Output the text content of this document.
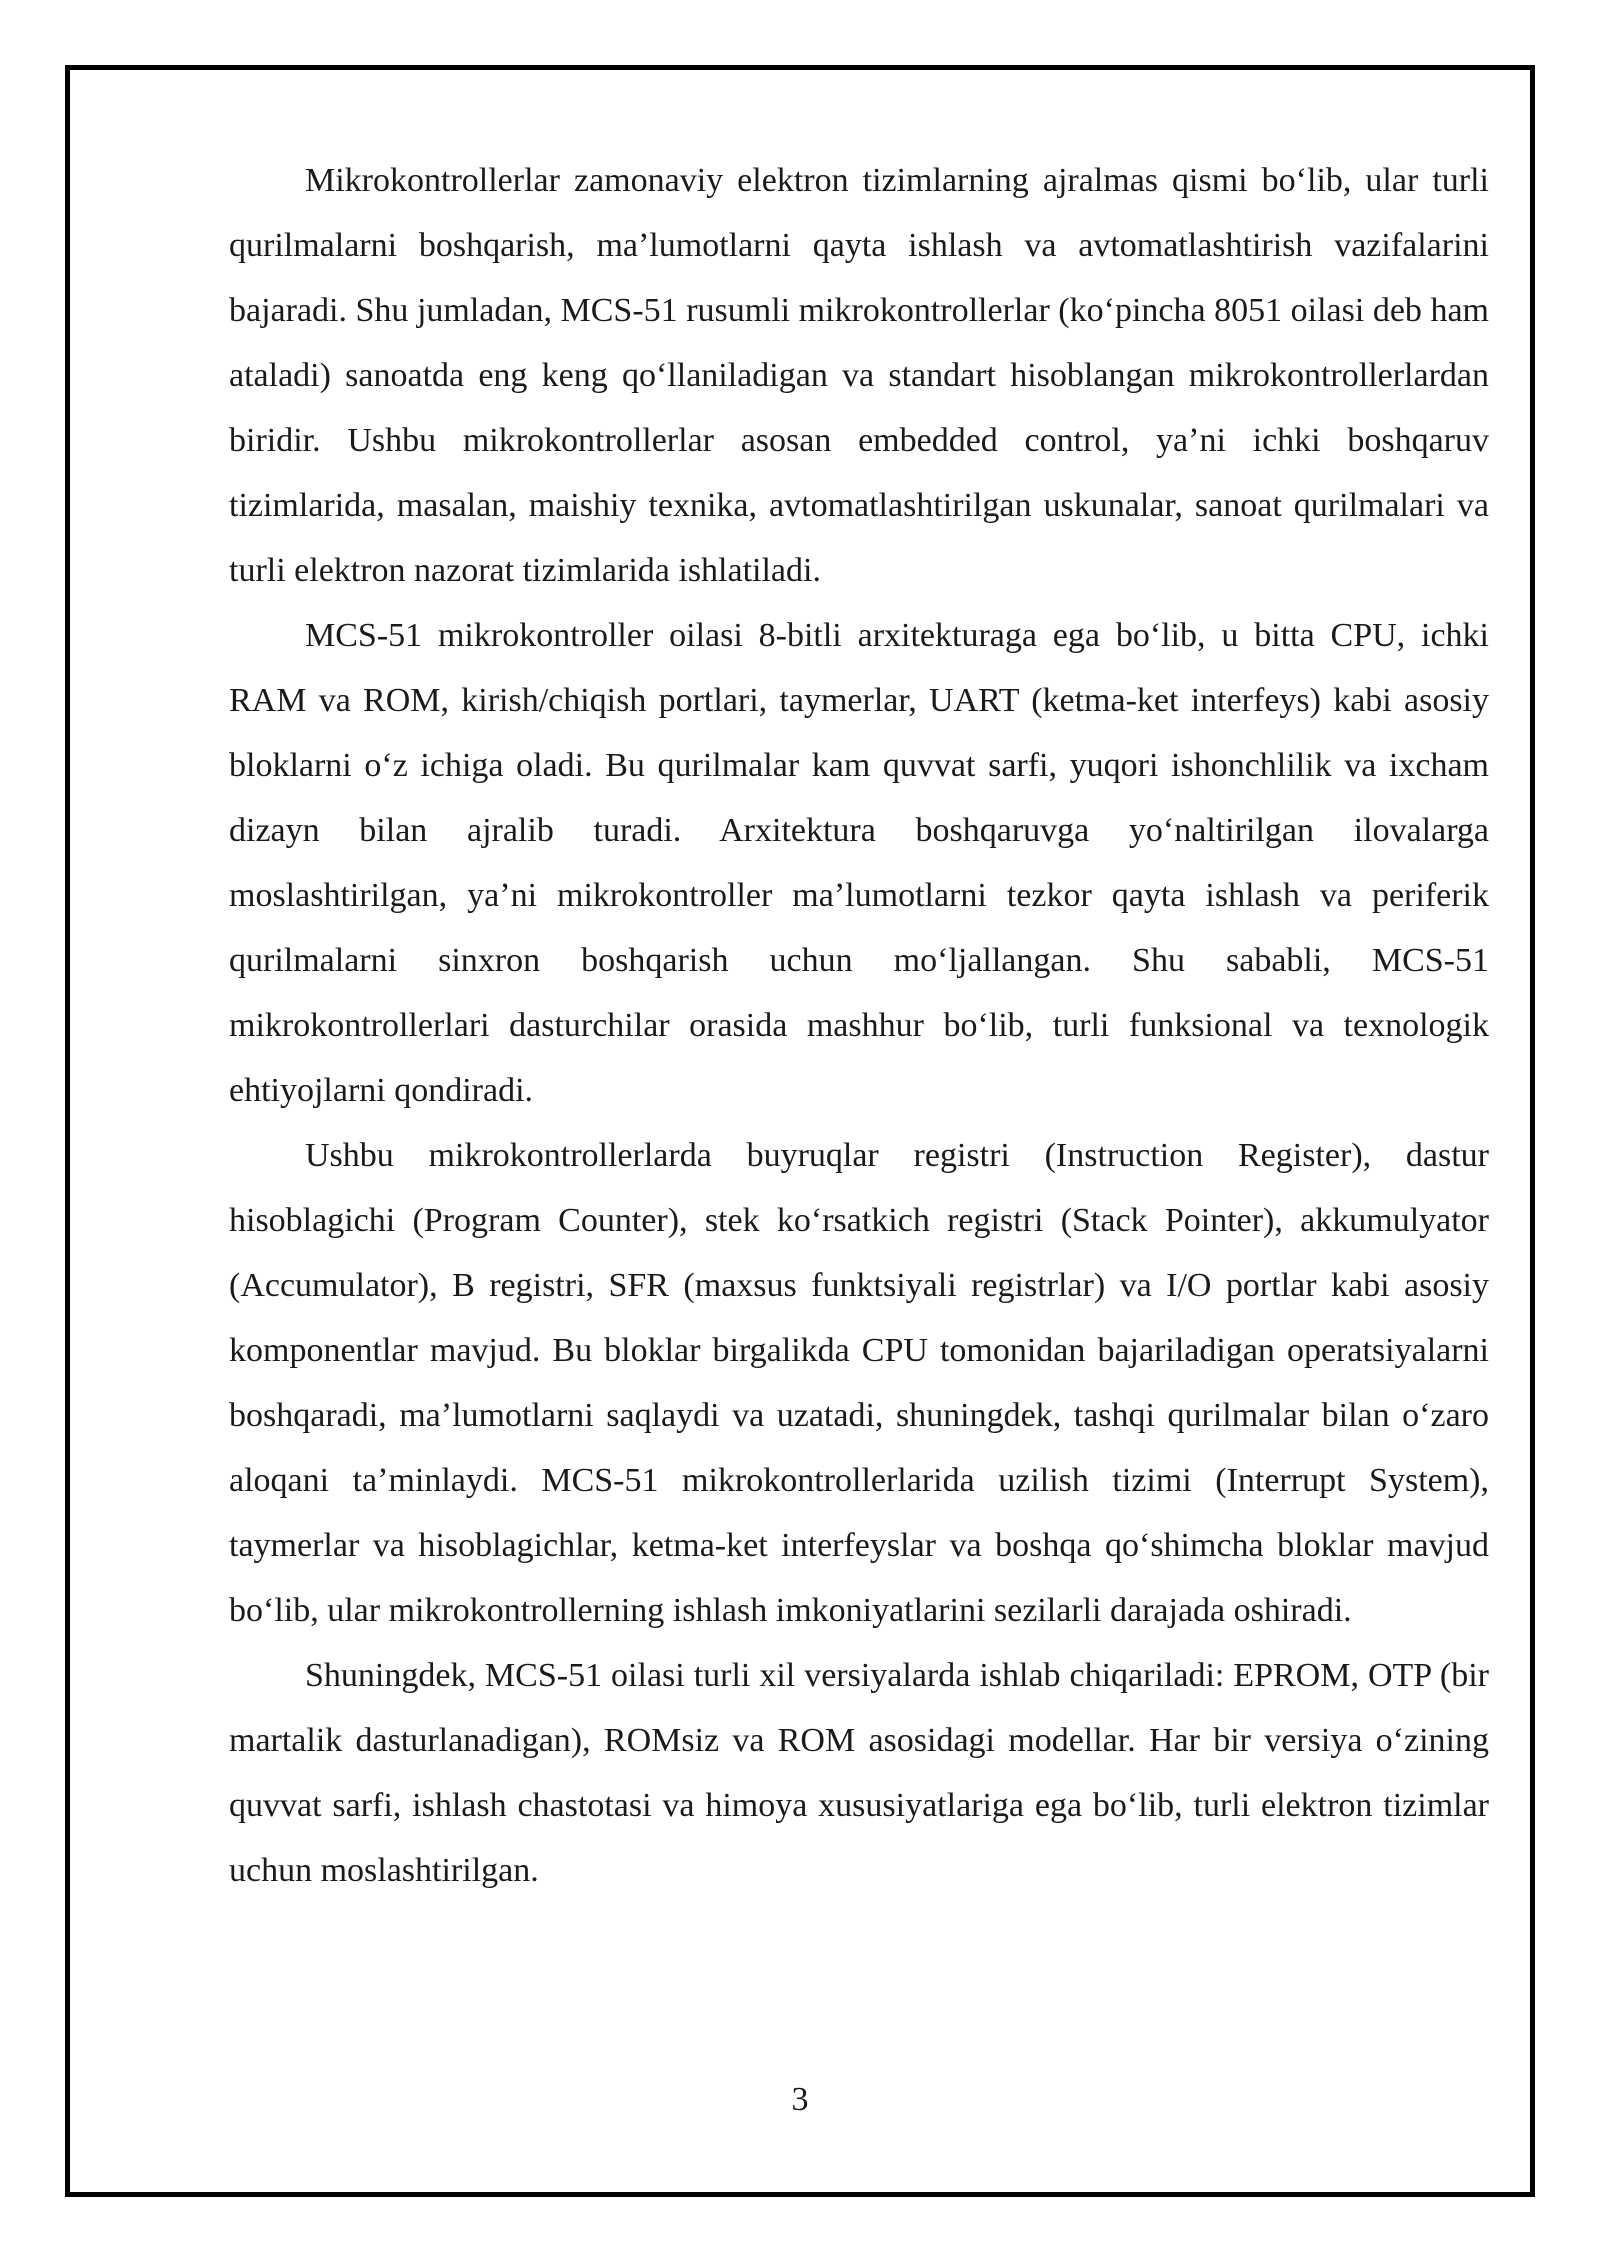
Mikrokontrollerlar zamonaviy elektron tizimlarning ajralmas qismi boʻlib, ular turli qurilmalarni boshqarish, maʼlumotlarni qayta ishlash va avtomatlashtirish vazifalarini bajaradi. Shu jumladan, MCS-51 rusumli mikrokontrollerlar (koʻpincha 8051 oilasi deb ham ataladi) sanoatda eng keng qoʻllaniladigan va standart hisoblangan mikrokontrollerlardan biridir. Ushbu mikrokontrollerlar asosan embedded control, yaʼni ichki boshqaruv tizimlarida, masalan, maishiy texnika, avtomatlashtirilgan uskunalar, sanoat qurilmalari va turli elektron nazorat tizimlarida ishlatiladi.

MCS-51 mikrokontroller oilasi 8-bitli arxitekturaga ega boʻlib, u bitta CPU, ichki RAM va ROM, kirish/chiqish portlari, taymerlar, UART (ketma-ket interfeys) kabi asosiy bloklarni oʻz ichiga oladi. Bu qurilmalar kam quvvat sarfi, yuqori ishonchlilik va ixcham dizayn bilan ajralib turadi. Arxitektura boshqaruvga yoʻnaltirilgan ilovalarga moslashtirilgan, yaʼni mikrokontroller maʼlumotlarni tezkor qayta ishlash va periferik qurilmalarni sinxron boshqarish uchun moʻljallangan. Shu sababli, MCS-51 mikrokontrollerlari dasturchilar orasida mashhur boʻlib, turli funksional va texnologik ehtiyojlarni qondiradi.

Ushbu mikrokontrollerlarda buyruqlar registri (Instruction Register), dastur hisoblagichi (Program Counter), stek koʻrsatkich registri (Stack Pointer), akkumulyator (Accumulator), B registri, SFR (maxsus funktsiyali registrlar) va I/O portlar kabi asosiy komponentlar mavjud. Bu bloklar birgalikda CPU tomonidan bajariladigan operatsiyalarni boshqaradi, maʼlumotlarni saqlaydi va uzatadi, shuningdek, tashqi qurilmalar bilan oʻzaro aloqani taʼminlaydi. MCS-51 mikrokontrollerlarida uzilish tizimi (Interrupt System), taymerlar va hisoblagichlar, ketma-ket interfeyslar va boshqa qoʻshimcha bloklar mavjud boʻlib, ular mikrokontrollerning ishlash imkoniyatlarini sezilarli darajada oshiradi.

Shuningdek, MCS-51 oilasi turli xil versiyalarda ishlab chiqariladi: EPROM, OTP (bir martalik dasturlanadigan), ROMsiz va ROM asosidagi modellar. Har bir versiya oʻzining quvvat sarfi, ishlash chastotasi va himoya xususiyatlariga ega boʻlib, turli elektron tizimlar uchun moslashtirilgan.

3
